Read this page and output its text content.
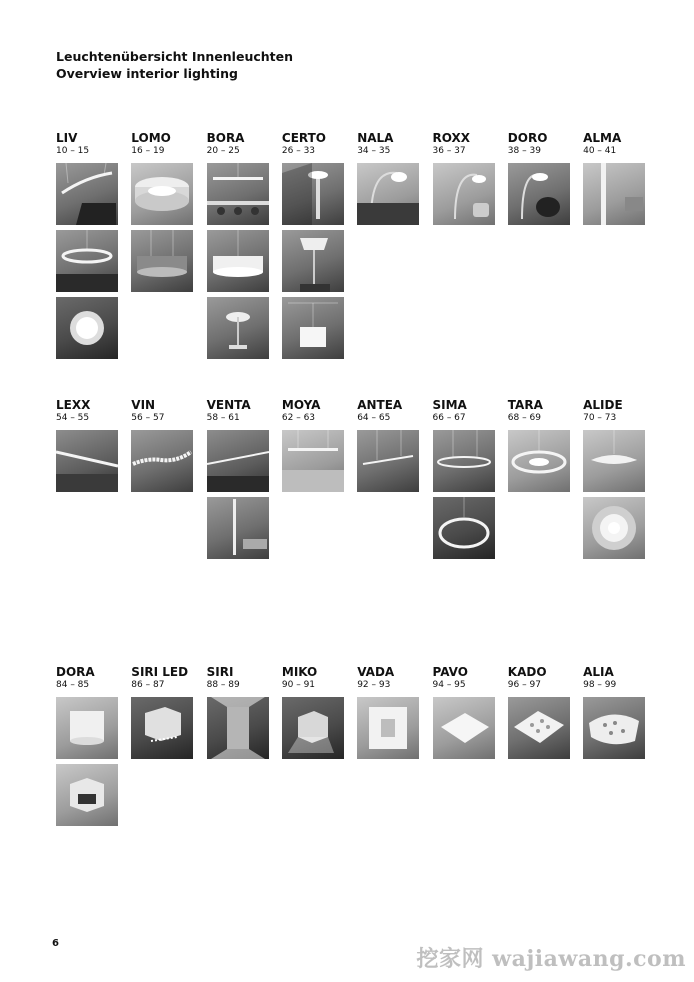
Leuchtenübersicht Innenleuchten
Overview interior lighting
LIV
10 – 15
LOMO
16 – 19
BORA
20 – 25
CERTO
26 – 33
NALA
34 – 35
ROXX
36 – 37
DORO
38 – 39
ALMA
40 – 41
LEXX
54 – 55
VIN
56 – 57
VENTA
58 – 61
MOYA
62 – 63
ANTEA
64 – 65
SIMA
66 – 67
TARA
68 – 69
ALIDE
70 – 73
DORA
84 – 85
SIRI LED
86 – 87
SIRI
88 – 89
MIKO
90 – 91
VADA
92 – 93
PAVO
94 – 95
KADO
96 – 97
ALIA
98 – 99
6
挖家网 wajiawang.com
